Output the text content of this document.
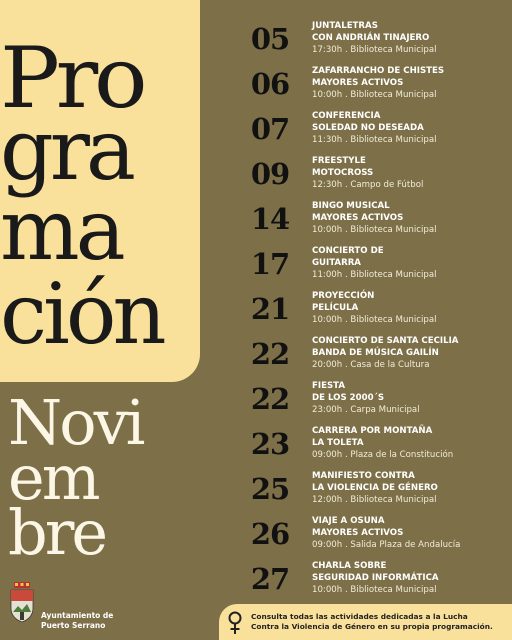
Pro
gra
ma
ción
Novi
em
bre
05	JUNTALETRAS
CON ANDRIÁN TINAJERO
17:30h . Biblioteca Municipal
06	ZAFARRANCHO DE CHISTES
MAYORES ACTIVOS
10:00h . Biblioteca Municipal
07	CONFERENCIA
SOLEDAD NO DESEADA
11:30h . Biblioteca Municipal
09	FREESTYLE
MOTOCROSS
12:30h . Campo de Fútbol
14	BINGO MUSICAL
MAYORES ACTIVOS
10:00h . Biblioteca Municipal
17	CONCIERTO DE
GUITARRA
11:00h . Biblioteca Municipal
21	PROYECCIÓN
PELÍCULA
10:00h . Biblioteca Municipal
22	CONCIERTO DE SANTA CECILIA
BANDA DE MÚSICA GAILÍN
20:00h . Casa de la Cultura
22	FIESTA
DE LOS 2000´S
23:00h . Carpa Municipal
23	CARRERA POR MONTAÑA
LA TOLETA
09:00h . Plaza de la Constitución
25	MANIFIESTO CONTRA
LA VIOLENCIA DE GÉNERO
12:00h . Biblioteca Municipal
26	VIAJE A OSUNA
MAYORES ACTIVOS
09:00h . Salida Plaza de Andalucía
27	CHARLA SOBRE
SEGURIDAD INFORMÁTICA
10:00h . Biblioteca Municipal
Ayuntamiento de
Puerto Serrano
Consulta todas las actividades dedicadas a la Lucha
Contra la Violencia de Género en su propia programación.
